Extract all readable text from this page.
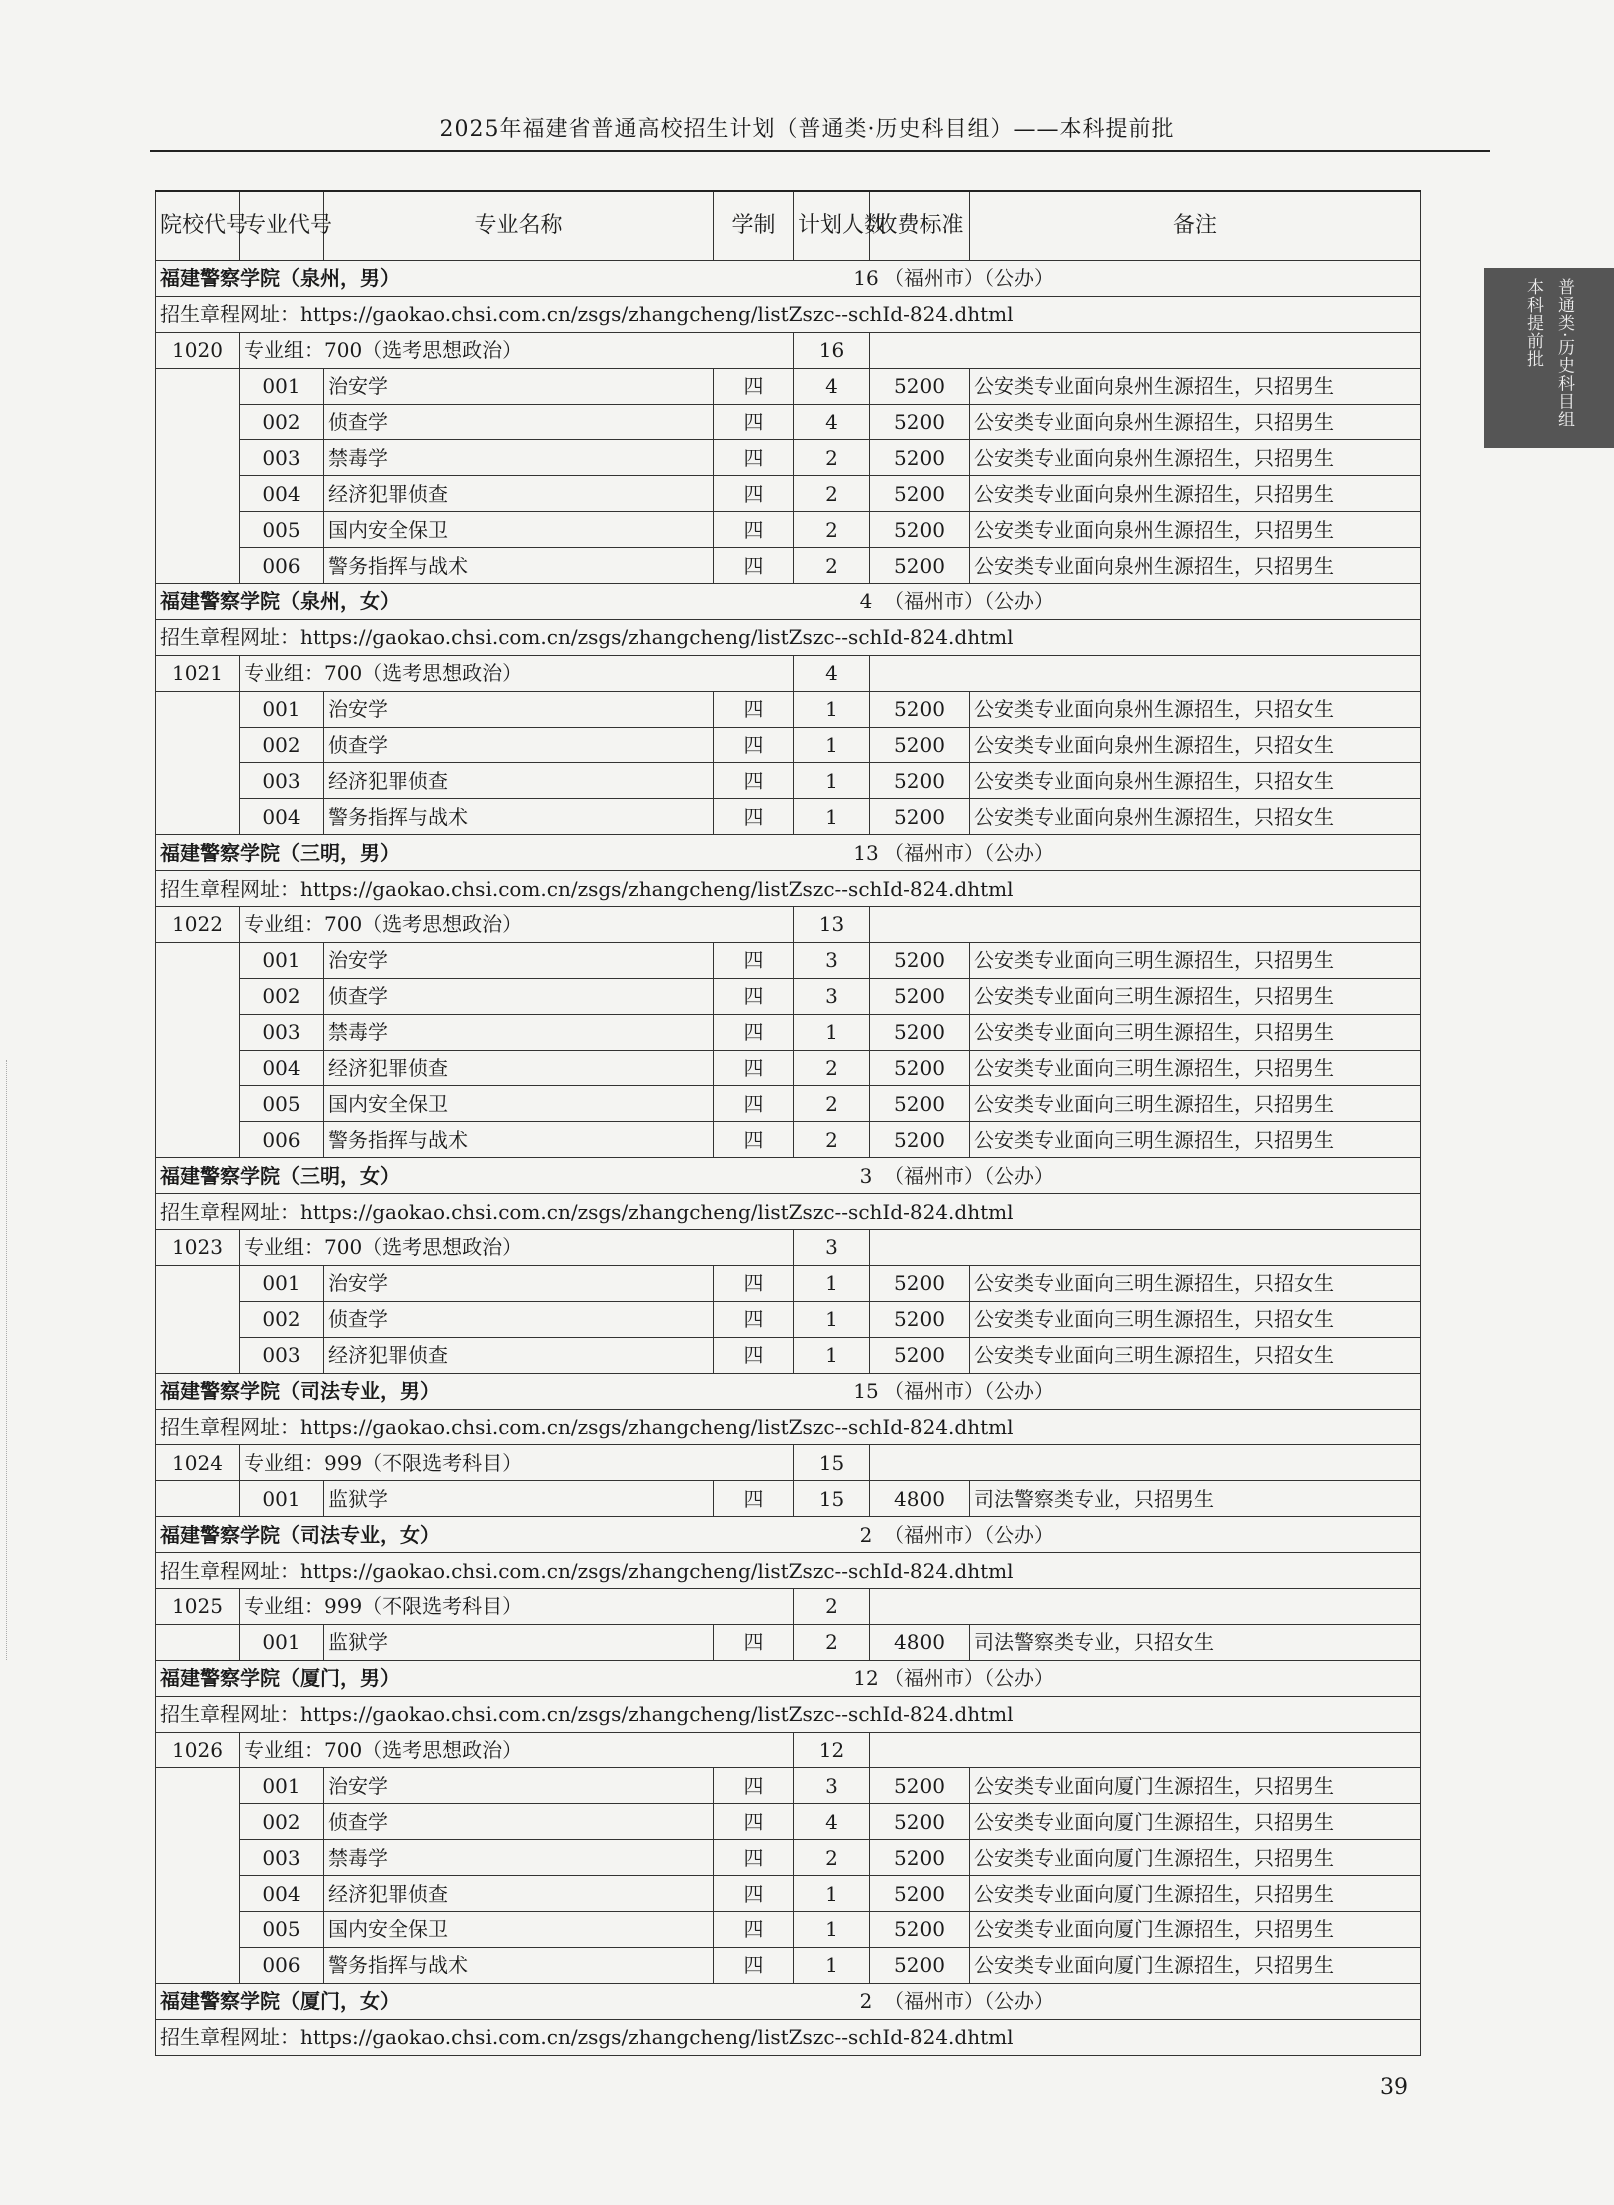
2025年福建省普通高校招生计划（普通类·历史科目组）——本科提前批
普通类·历史科目组
本科提前批
院校代号	专业代号	专业名称	学制	计划人数	收费标准	备注
福建警察学院（泉州，男） 16 （福州市）（公办）						

招生章程网址：https://gaokao.chsi.com.cn/zsgs/zhangcheng/listZszc--schId-824.dhtml						
1020	专业组：700（选考思想政治）			16		
	001	治安学	四	4	5200	公安类专业面向泉州生源招生，只招男生
	002	侦查学	四	4	5200	公安类专业面向泉州生源招生，只招男生
	003	禁毒学	四	2	5200	公安类专业面向泉州生源招生，只招男生
	004	经济犯罪侦查	四	2	5200	公安类专业面向泉州生源招生，只招男生
	005	国内安全保卫	四	2	5200	公安类专业面向泉州生源招生，只招男生
	006	警务指挥与战术	四	2	5200	公安类专业面向泉州生源招生，只招男生
福建警察学院（泉州，女） 4 （福州市）（公办）						

招生章程网址：https://gaokao.chsi.com.cn/zsgs/zhangcheng/listZszc--schId-824.dhtml						
1021	专业组：700（选考思想政治）			4		
	001	治安学	四	1	5200	公安类专业面向泉州生源招生，只招女生
	002	侦查学	四	1	5200	公安类专业面向泉州生源招生，只招女生
	003	经济犯罪侦查	四	1	5200	公安类专业面向泉州生源招生，只招女生
	004	警务指挥与战术	四	1	5200	公安类专业面向泉州生源招生，只招女生
福建警察学院（三明，男） 13 （福州市）（公办）						

招生章程网址：https://gaokao.chsi.com.cn/zsgs/zhangcheng/listZszc--schId-824.dhtml						
1022	专业组：700（选考思想政治）			13		
	001	治安学	四	3	5200	公安类专业面向三明生源招生，只招男生
	002	侦查学	四	3	5200	公安类专业面向三明生源招生，只招男生
	003	禁毒学	四	1	5200	公安类专业面向三明生源招生，只招男生
	004	经济犯罪侦查	四	2	5200	公安类专业面向三明生源招生，只招男生
	005	国内安全保卫	四	2	5200	公安类专业面向三明生源招生，只招男生
	006	警务指挥与战术	四	2	5200	公安类专业面向三明生源招生，只招男生
福建警察学院（三明，女） 3 （福州市）（公办）						

招生章程网址：https://gaokao.chsi.com.cn/zsgs/zhangcheng/listZszc--schId-824.dhtml						
1023	专业组：700（选考思想政治）			3		
	001	治安学	四	1	5200	公安类专业面向三明生源招生，只招女生
	002	侦查学	四	1	5200	公安类专业面向三明生源招生，只招女生
	003	经济犯罪侦查	四	1	5200	公安类专业面向三明生源招生，只招女生
福建警察学院（司法专业，男） 15 （福州市）（公办）						

招生章程网址：https://gaokao.chsi.com.cn/zsgs/zhangcheng/listZszc--schId-824.dhtml						
1024	专业组：999（不限选考科目）			15		
	001	监狱学	四	15	4800	司法警察类专业，只招男生
福建警察学院（司法专业，女） 2 （福州市）（公办）						

招生章程网址：https://gaokao.chsi.com.cn/zsgs/zhangcheng/listZszc--schId-824.dhtml						
1025	专业组：999（不限选考科目）			2		
	001	监狱学	四	2	4800	司法警察类专业，只招女生
福建警察学院（厦门，男） 12 （福州市）（公办）						

招生章程网址：https://gaokao.chsi.com.cn/zsgs/zhangcheng/listZszc--schId-824.dhtml						
1026	专业组：700（选考思想政治）			12		
	001	治安学	四	3	5200	公安类专业面向厦门生源招生，只招男生
	002	侦查学	四	4	5200	公安类专业面向厦门生源招生，只招男生
	003	禁毒学	四	2	5200	公安类专业面向厦门生源招生，只招男生
	004	经济犯罪侦查	四	1	5200	公安类专业面向厦门生源招生，只招男生
	005	国内安全保卫	四	1	5200	公安类专业面向厦门生源招生，只招男生
	006	警务指挥与战术	四	1	5200	公安类专业面向厦门生源招生，只招男生
福建警察学院（厦门，女） 2 （福州市）（公办）						

招生章程网址：https://gaokao.chsi.com.cn/zsgs/zhangcheng/listZszc--schId-824.dhtml						
39
